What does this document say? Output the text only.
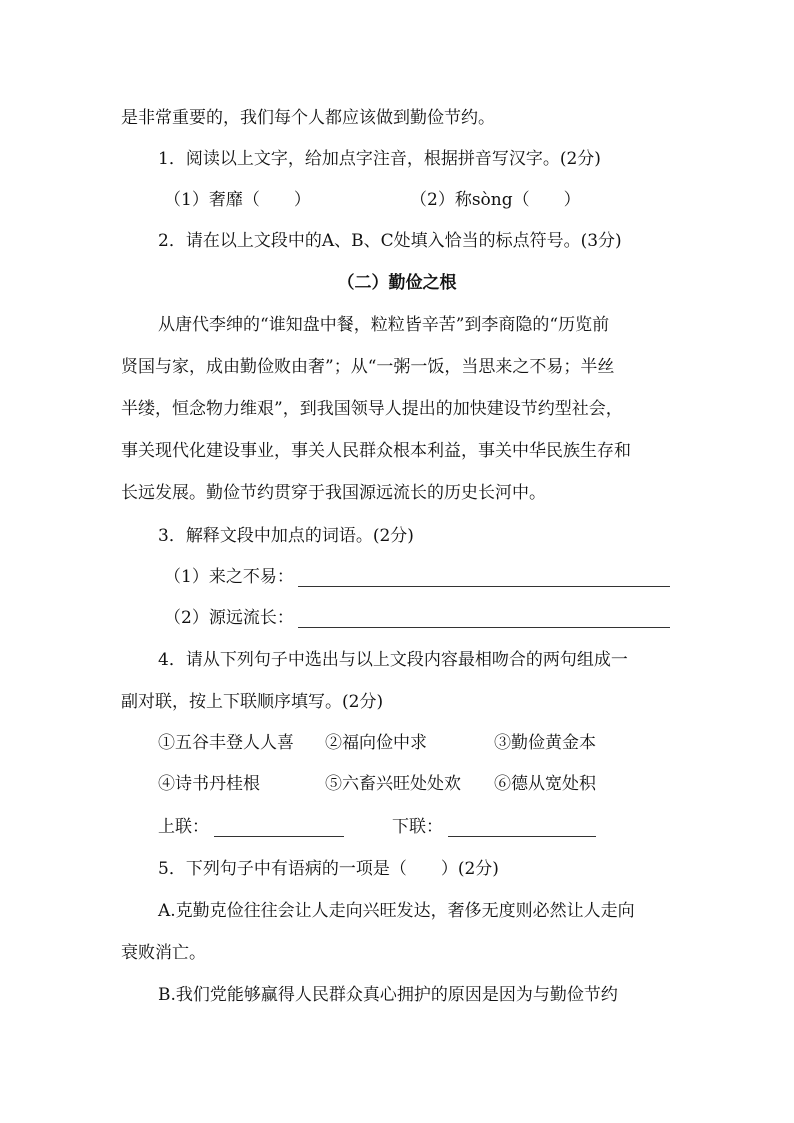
是非常重要的，我们每个人都应该做到勤俭节约。
1．阅读以上文字，给加点字注音，根据拼音写汉字。(2分)
（1）奢靡（　　）	（2）称sòng（　　）
2．请在以上文段中的A、B、C处填入恰当的标点符号。(3分)
（二）勤俭之根
从唐代李绅的“谁知盘中餐，粒粒皆辛苦”到李商隐的“历览前
贤国与家，成由勤俭败由奢”；从“一粥一饭，当思来之不易；半丝
半缕，恒念物力维艰”，到我国领导人提出的加快建设节约型社会，
事关现代化建设事业，事关人民群众根本利益，事关中华民族生存和
长远发展。勤俭节约贯穿于我国源远流长的历史长河中。
3．解释文段中加点的词语。(2分)
（1）来之不易：
（2）源远流长：
4．请从下列句子中选出与以上文段内容最相吻合的两句组成一
副对联，按上下联顺序填写。(2分)
①五谷丰登人人喜 ②福向俭中求	③勤俭黄金本
④诗书丹桂根	⑤六畜兴旺处处欢 ⑥德从宽处积
上联：	下联：
5．下列句子中有语病的一项是（　　）(2分)
A.克勤克俭往往会让人走向兴旺发达，奢侈无度则必然让人走向
衰败消亡。
B.我们党能够赢得人民群众真心拥护的原因是因为与勤俭节约
